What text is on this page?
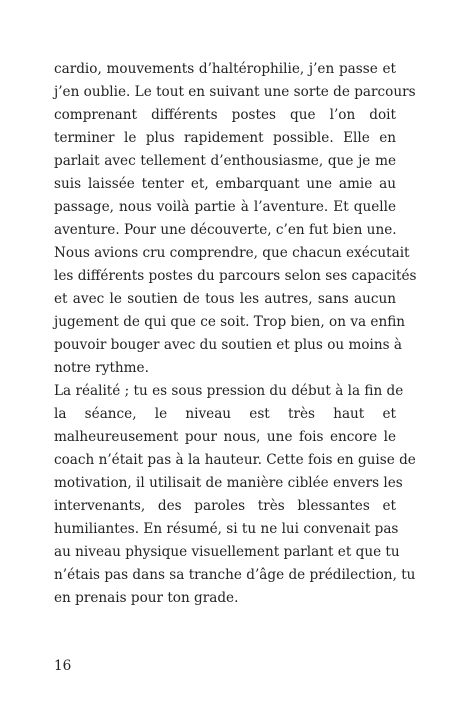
cardio, mouvements d’haltérophilie, j’en passe et
j’en oublie. Le tout en suivant une sorte de parcours
comprenant différents postes que l’on doit
terminer le plus rapidement possible. Elle en
parlait avec tellement d’enthousiasme, que je me
suis laissée tenter et, embarquant une amie au
passage, nous voilà partie à l’aventure. Et quelle
aventure. Pour une découverte, c’en fut bien une.
Nous avions cru comprendre, que chacun exécutait
les différents postes du parcours selon ses capacités
et avec le soutien de tous les autres, sans aucun
jugement de qui que ce soit. Trop bien, on va enfin
pouvoir bouger avec du soutien et plus ou moins à
notre rythme.
La réalité ; tu es sous pression du début à la fin de
la séance, le niveau est très haut et
malheureusement pour nous, une fois encore le
coach n’était pas à la hauteur. Cette fois en guise de
motivation, il utilisait de manière ciblée envers les
intervenants, des paroles très blessantes et
humiliantes. En résumé, si tu ne lui convenait pas
au niveau physique visuellement parlant et que tu
n’étais pas dans sa tranche d’âge de prédilection, tu
en prenais pour ton grade.
16
